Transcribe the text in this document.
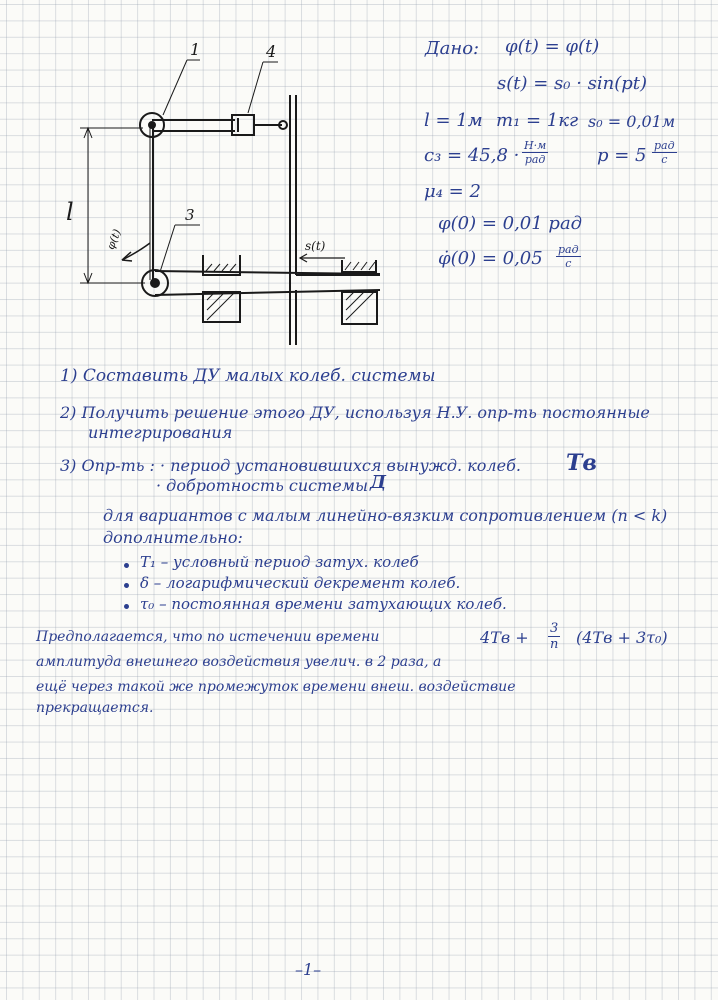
1	4
3
l
φ(t)	s(t)
Дано: φ(t) = φ(t)
s(t) = s₀ · sin(pt)
l = 1м m₁ = 1кг s₀ = 0,01м
c₃ = 45,8 · Н·м
рад	p = 5 рад
с
μ₄ = 2
φ(0) = 0,01 рад
φ̇(0) = 0,05 рад
с
1) Составить ДУ малых колеб. системы
2) Получить решение этого ДУ, используя Н.У. опр-ть постоянные
интегрирования
3) Опр-ть : · период установившихся вынужд. колеб. Тв
· добротность системы Д
для вариантов с малым линейно-вязким сопротивлением (n < k)
дополнительно:
Т₁ – условный период затух. колеб
δ – логарифмический декремент колеб.
τ₀ – постоянная времени затухающих колеб.
Предполагается, что по истечении времени	$4Тв + \frac{3}{n} (4Тв + 3\tau_0)$
амплитуда внешнего воздействия увелич. в 2 раза, а
ещё через такой же промежуток времени внеш. воздействие
прекращается.
–1–
